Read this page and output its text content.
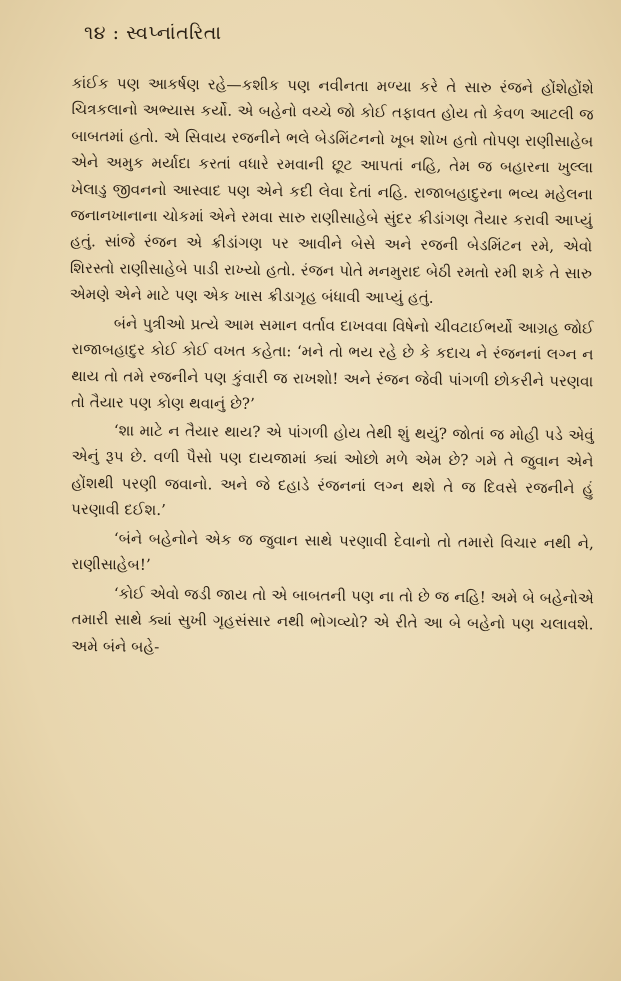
૧૪ : સ્વપ્નાંતરિતા

કાંઈક પણ આકર્ષણ રહે—કશીક પણ નવીનતા મળ્યા કરે તે સારુ રંજને હોંશેહોંશે ચિત્રકલાનો અભ્યાસ કર્યો. એ બહેનો વચ્ચે જો કોઈ તફાવત હોય તો કેવળ આટલી જ બાબતમાં હતો. એ સિવાય રજનીને ભલે બેડમિંટનનો ખૂબ શોખ હતો તોપણ રાણીસાહેબ એને અમુક મર્યાદા કરતાં વધારે રમવાની છૂટ આપતાં નહિ, તેમ જ બહારના ખુલ્લા ખેલાડુ જીવનનો આસ્વાદ પણ એને કદી લેવા દેતાં નહિ. રાજાબહાદુરના ભવ્ય મહેલના જનાનખાનાના ચોકમાં એને રમવા સારુ રાણીસાહેબે સુંદર ક્રીડાંગણ તૈયાર કરાવી આપ્યું હતું. સાંજે રંજન એ ક્રીડાંગણ પર આવીને બેસે અને રજની બેડમિંટન રમે, એવો શિરસ્તો રાણીસાહેબે પાડી રાખ્યો હતો. રંજન પોતે મનમુરાદ બેઠી રમતો રમી શકે તે સારુ એમણે એને માટે પણ એક ખાસ ક્રીડાગૃહ બંધાવી આપ્યું હતું.

બંને પુત્રીઓ પ્રત્યે આમ સમાન વર્તાવ દાખવવા વિષેનો ચીવટાઈભર્યો આગ્રહ જોઈ રાજાબહાદુર કોઈ કોઈ વખત કહેતા: ‘મને તો ભય રહે છે કે કદાચ ને રંજનનાં લગ્ન ન થાય તો તમે રજનીને પણ કુંવારી જ રાખશો! અને રંજન જેવી પાંગળી છોકરીને પરણવા તો તૈયાર પણ કોણ થવાનું છે?’

‘શા માટે ન તૈયાર થાય? એ પાંગળી હોય તેથી શું થયું? જોતાં જ મોહી પડે એવું એનું રૂપ છે. વળી પૈસો પણ દાયજામાં ક્યાં ઓછો મળે એમ છે? ગમે તે જુવાન એને હોંશથી પરણી જવાનો. અને જે દહાડે રંજનનાં લગ્ન થશે તે જ દિવસે રજનીને હું પરણાવી દઈશ.’

‘બંને બહેનોને એક જ જુવાન સાથે પરણાવી દેવાનો તો તમારો વિચાર નથી ને, રાણીસાહેબ!’

‘કોઈ એવો જડી જાય તો એ બાબતની પણ ના તો છે જ નહિ! અમે બે બહેનોએ તમારી સાથે ક્યાં સુખી ગૃહસંસાર નથી ભોગવ્યો? એ રીતે આ બે બહેનો પણ ચલાવશે. અમે બંને બહે-
